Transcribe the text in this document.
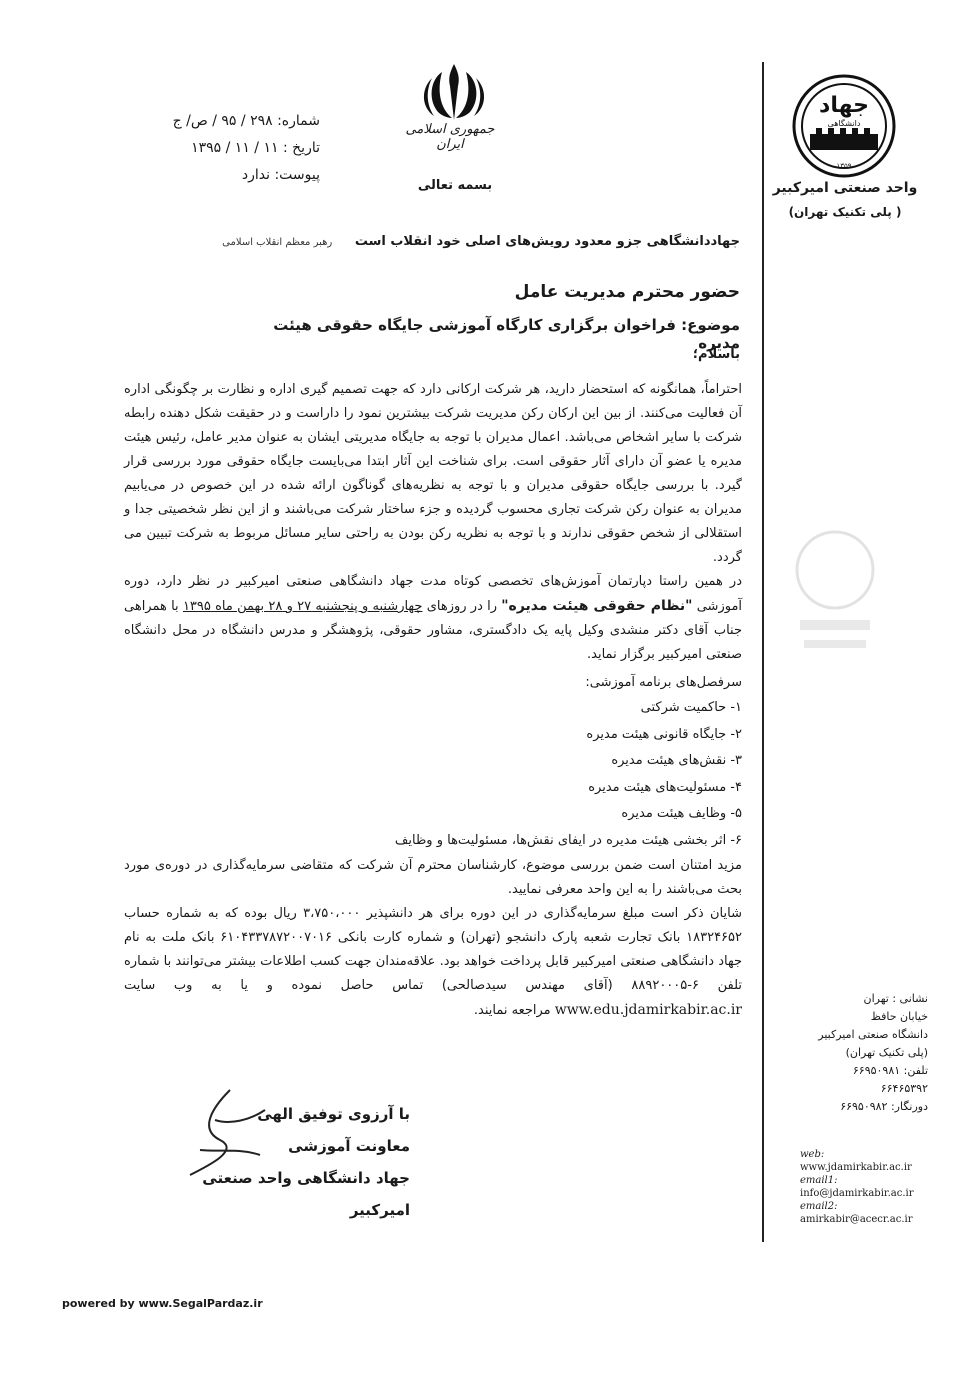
شماره: ۲۹۸ / ۹۵ / ص/ ج
تاریخ : ۱۱ / ۱۱ / ۱۳۹۵
پیوست: ندارد
جمهوری اسلامی ایران
بسمه تعالی
جهاد
دانشگاهی
۱۳۵۹
واحد صنعتی امیرکبیر
( پلی تکنیک تهران)
جهاددانشگاهی جزو معدود رویش‌های اصلی خود انقلاب است     رهبر معظم انقلاب اسلامی
حضور محترم مدیریت عامل
موضوع: فراخوان برگزاری کارگاه آموزشی جایگاه حقوقی هیئت مدیره
باسلام؛

احتراماً، همانگونه که استحضار دارید، هر شرکت ارکانی دارد که جهت تصمیم گیری اداره و نظارت بر چگونگی اداره آن فعالیت می‌کنند. از بین این ارکان رکن مدیریت شرکت بیشترین نمود را داراست و در حقیقت شکل دهنده رابطه شرکت با سایر اشخاص می‌باشد. اعمال مدیران با توجه به جایگاه مدیریتی ایشان به عنوان مدیر عامل، رئیس هیئت مدیره یا عضو آن دارای آثار حقوقی است. برای شناخت این آثار ابتدا می‌بایست جایگاه حقوقی مورد بررسی قرار گیرد. با بررسی جایگاه حقوقی مدیران و با توجه به نظریه‌های گوناگون ارائه شده در این خصوص در می‌یابیم مدیران به عنوان رکن شرکت تجاری محسوب گردیده و جزء ساختار شرکت می‌باشند و از این نظر شخصیتی جدا و استقلالی از شخص حقوقی ندارند و با توجه به نظریه رکن بودن به راحتی سایر مسائل مربوط به شرکت تبیین می گردد.

در همین راستا دپارتمان آموزش‌های تخصصی کوتاه مدت جهاد دانشگاهی صنعتی امیرکبیر در نظر دارد، دوره آموزشی "نظام حقوقی هیئت مدیره" را در روزهای چهارشنبه و پنجشنبه ۲۷ و ۲۸ بهمن ماه ۱۳۹۵ با همراهی جناب آقای دکتر منشدی وکیل پایه یک دادگستری، مشاور حقوقی، پژوهشگر و مدرس دانشگاه در محل دانشگاه صنعتی امیرکبیر برگزار نماید.

سرفصل‌های برنامه آموزشی:

۱- حاکمیت شرکتی
۲- جایگاه قانونی هیئت مدیره
۳- نقش‌های هیئت مدیره
۴- مسئولیت‌های هیئت مدیره
۵- وظایف هیئت مدیره
۶- اثر بخشی هیئت مدیره در ایفای نقش‌ها، مسئولیت‌ها و وظایف

مزید امتنان است ضمن بررسی موضوع، کارشناسان محترم آن شرکت که متقاضی سرمایه‌گذاری در دوره‌ی مورد بحث می‌باشند را به این واحد معرفی نمایید.

شایان ذکر است مبلغ سرمایه‌گذاری در این دوره برای هر دانشپذیر ۳،۷۵۰،۰۰۰ ریال بوده که به شماره حساب ۱۸۳۲۴۶۵۲ بانک تجارت شعبه پارک دانشجو (تهران) و شماره کارت بانکی ۶۱۰۴۳۳۷۸۷۲۰۰۷۰۱۶ بانک ملت به نام جهاد دانشگاهی صنعتی امیرکبیر قابل پرداخت خواهد بود. علاقه‌مندان جهت کسب اطلاعات بیشتر می‌توانند با شماره تلفن ۶-۸۸۹۲۰۰۰۵ (آقای مهندس سیدصالحی) تماس حاصل نموده و یا به وب سایت www.edu.jdamirkabir.ac.ir مراجعه نمایند.

با آرزوی توفیق الهی
معاونت آموزشی
جهاد دانشگاهی واحد صنعتی امیرکبیر
نشانی : تهران
خیابان حافظ
دانشگاه صنعتی امیرکبیر
(پلی تکنیک تهران)
تلفن: ۶۶۹۵۰۹۸۱
۶۶۴۶۵۳۹۲
دورنگار: ۶۶۹۵۰۹۸۲
web:
www.jdamirkabir.ac.ir
email1:
info@jdamirkabir.ac.ir
email2:
amirkabir@acecr.ac.ir
powered by www.SegalPardaz.ir
